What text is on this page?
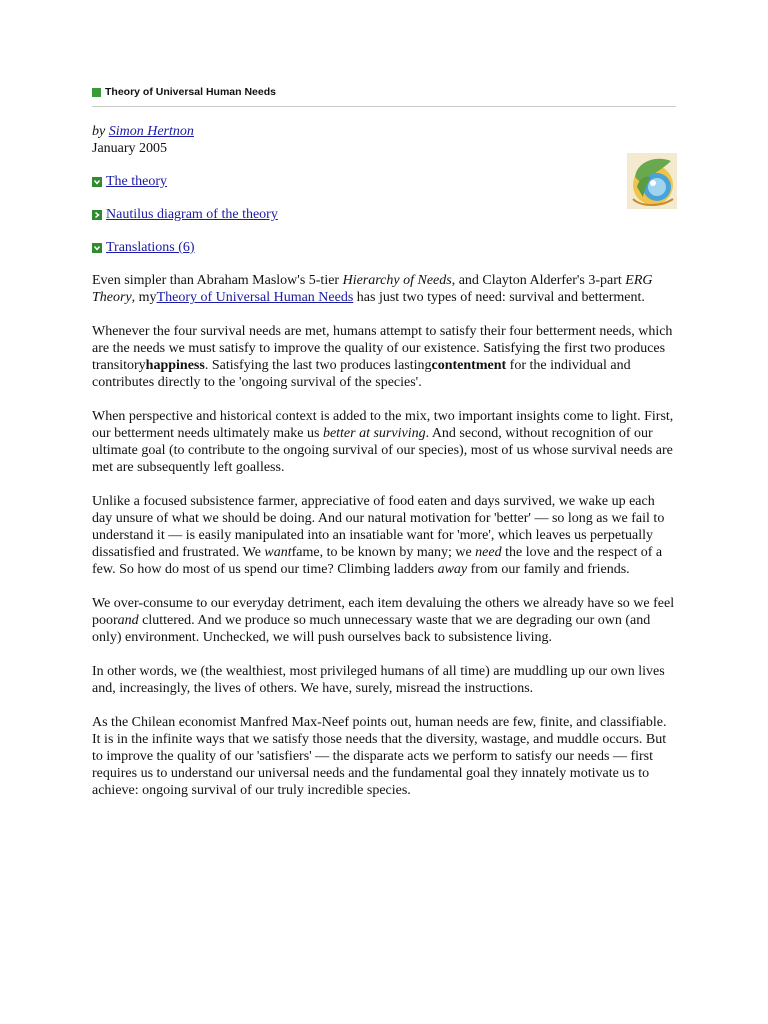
Theory of Universal Human Needs
by Simon Hertnon
January 2005
The theory
Nautilus diagram of the theory
Translations (6)

Even simpler than Abraham Maslow's 5-tier Hierarchy of Needs, and Clayton Alderfer's 3-part ERG Theory, myTheory of Universal Human Needs has just two types of need: survival and betterment.

Whenever the four survival needs are met, humans attempt to satisfy their four betterment needs, which are the needs we must satisfy to improve the quality of our existence. Satisfying the first two produces transitoryhappiness. Satisfying the last two produces lastingcontentment for the individual and contributes directly to the 'ongoing survival of the species'.

When perspective and historical context is added to the mix, two important insights come to light. First, our betterment needs ultimately make us better at surviving. And second, without recognition of our ultimate goal (to contribute to the ongoing survival of our species), most of us whose survival needs are met are subsequently left goalless.

Unlike a focused subsistence farmer, appreciative of food eaten and days survived, we wake up each day unsure of what we should be doing. And our natural motivation for 'better' — so long as we fail to understand it — is easily manipulated into an insatiable want for 'more', which leaves us perpetually dissatisfied and frustrated. We wantfame, to be known by many; we need the love and the respect of a few. So how do most of us spend our time? Climbing ladders away from our family and friends.

We over-consume to our everyday detriment, each item devaluing the others we already have so we feel poorand cluttered. And we produce so much unnecessary waste that we are degrading our own (and only) environment. Unchecked, we will push ourselves back to subsistence living.

In other words, we (the wealthiest, most privileged humans of all time) are muddling up our own lives and, increasingly, the lives of others. We have, surely, misread the instructions.

As the Chilean economist Manfred Max-Neef points out, human needs are few, finite, and classifiable. It is in the infinite ways that we satisfy those needs that the diversity, wastage, and muddle occurs. But to improve the quality of our 'satisfiers' — the disparate acts we perform to satisfy our needs — first requires us to understand our universal needs and the fundamental goal they innately motivate us to achieve: ongoing survival of our truly incredible species.
